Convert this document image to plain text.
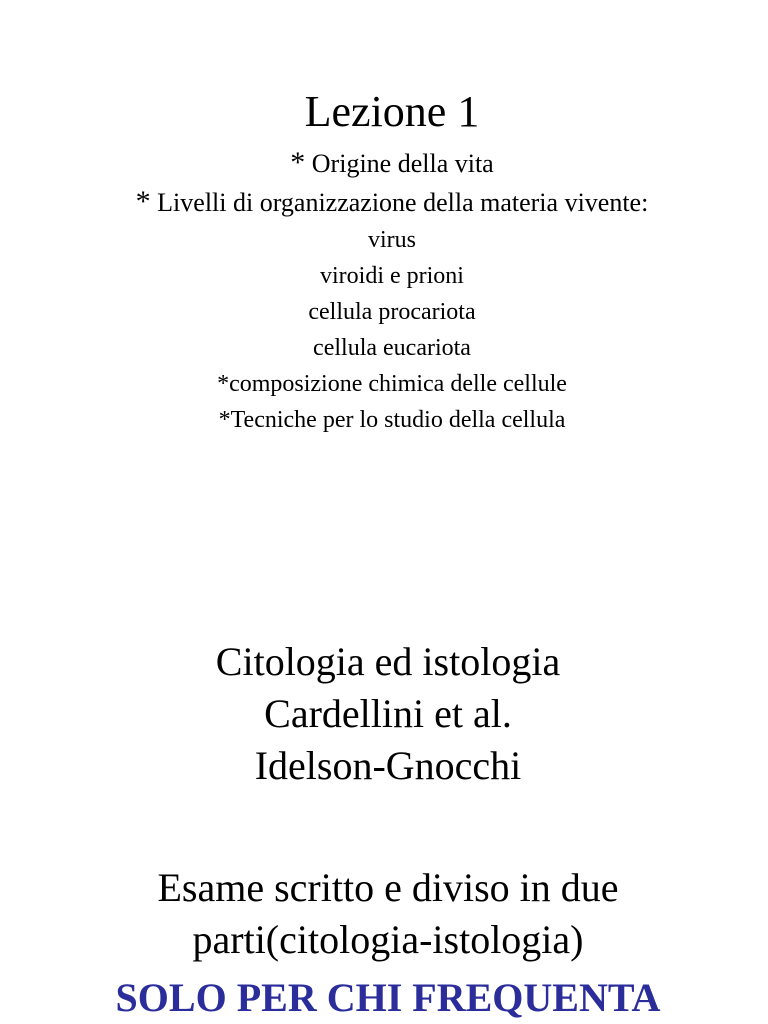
Lezione 1
* Origine della vita
* Livelli di organizzazione della materia vivente:
virus
viroidi e prioni
cellula procariota
cellula eucariota
*composizione chimica delle cellule
*Tecniche per lo studio della cellula
Citologia ed istologia
Cardellini et al.
Idelson-Gnocchi
Esame scritto e diviso in due
parti(citologia-istologia)
SOLO PER CHI FREQUENTA
